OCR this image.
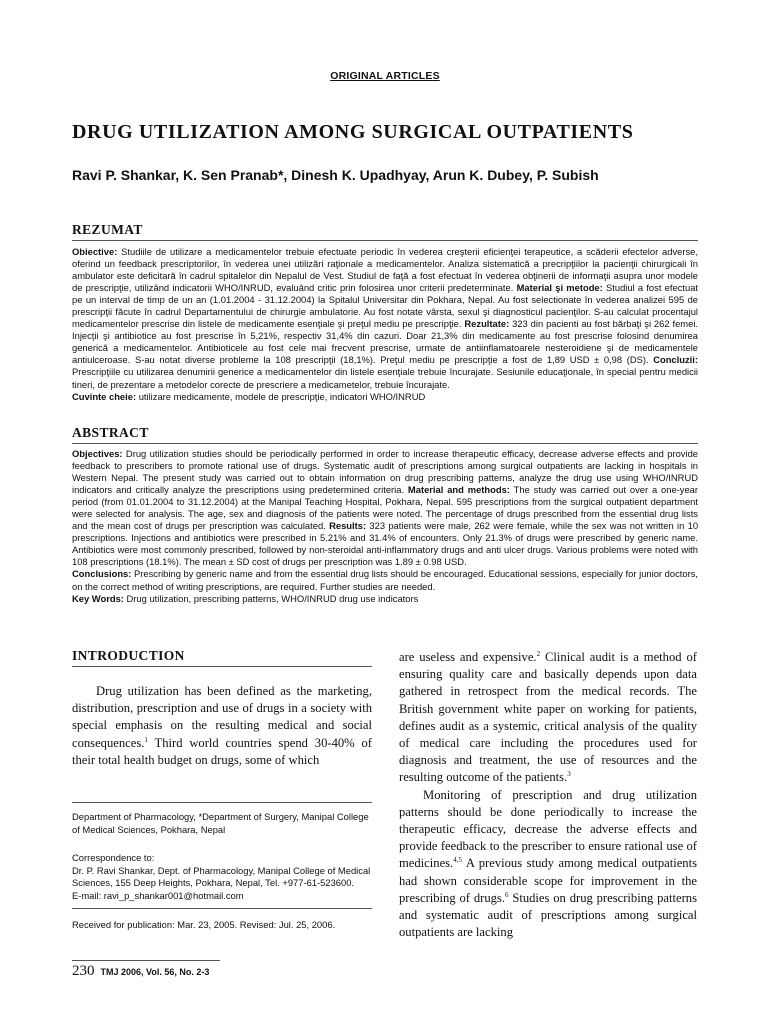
ORIGINAL ARTICLES
DRUG UTILIZATION AMONG SURGICAL OUTPATIENTS
Ravi P. Shankar, K. Sen Pranab*, Dinesh K. Upadhyay, Arun K. Dubey, P. Subish
REZUMAT
Obiective: Studiile de utilizare a medicamentelor trebuie efectuate periodic în vederea creşterii eficienţei terapeutice, a scăderii efectelor adverse, oferind un feedback prescriptorilor, în vederea unei utilizări raţionale a medicamentelor. Analiza sistematică a precripţiilor la pacienţii chirurgicali în ambulator este deficitară în cadrul spitalelor din Nepalul de Vest. Studiul de faţă a fost efectuat în vederea obţinerii de informaţii asupra unor modele de prescripţie, utilizând indicatorii WHO/INRUD, evaluând critic prin folosirea unor criterii predeterminate. Material şi metode: Studiul a fost efectuat pe un interval de timp de un an (1.01.2004 - 31.12.2004) la Spitalul Universitar din Pokhara, Nepal. Au fost selectionate în vederea analizei 595 de prescripţii făcute în cadrul Departamentului de chirurgie ambulatorie. Au fost notate vârsta, sexul şi diagnosticul pacienţilor. S-au calculat procentajul medicamentelor prescrise din listele de medicamente esenţiale şi preţul mediu pe prescripţie. Rezultate: 323 din pacienti au fost bărbaţi şi 262 femei. Injecţii şi antibiotice au fost prescrise în 5,21%, respectiv 31,4% din cazuri. Doar 21,3% din medicamente au fost prescrise folosind denumirea generică a medicamentelor. Antibioticele au fost cele mai frecvent prescrise, urmate de antiinflamatoarele nesteroidiene şi de medicamentele antiulceroase. S-au notat diverse probleme la 108 prescripţii (18,1%). Preţul mediu pe prescripţie a fost de 1,89 USD ± 0,98 (DS). Concluzii: Prescripţiile cu utilizarea denumirii generice a medicamentelor din listele esenţiale trebuie încurajate. Sesiunile educaţionale, în special pentru medicii tineri, de prezentare a metodelor corecte de prescriere a medicametelor, trebuie încurajate.
Cuvinte cheie: utilizare medicamente, modele de prescripţie, indicatori WHO/INRUD
ABSTRACT
Objectives: Drug utilization studies should be periodically performed in order to increase therapeutic efficacy, decrease adverse effects and provide feedback to prescribers to promote rational use of drugs. Systematic audit of prescriptions among surgical outpatients are lacking in hospitals in Western Nepal. The present study was carried out to obtain information on drug prescribing patterns, analyze the drug use using WHO/INRUD indicators and critically analyze the prescriptions using predetermined criteria. Material and methods: The study was carried out over a one-year period (from 01.01.2004 to 31.12.2004) at the Manipal Teaching Hospital, Pokhara, Nepal. 595 prescriptions from the surgical outpatient department were selected for analysis. The age, sex and diagnosis of the patients were noted. The percentage of drugs prescribed from the essential drug lists and the mean cost of drugs per prescription was calculated. Results: 323 patients were male, 262 were female, while the sex was not written in 10 prescriptions. Injections and antibiotics were prescribed in 5.21% and 31.4% of encounters. Only 21.3% of drugs were prescribed by generic name. Antibiotics were most commonly prescribed, followed by non-steroidal anti-inflammatory drugs and anti ulcer drugs. Various problems were noted with 108 prescriptions (18.1%). The mean ± SD cost of drugs per prescription was 1.89 ± 0.98 USD.
Conclusions: Prescribing by generic name and from the essential drug lists should be encouraged. Educational sessions, especially for junior doctors, on the correct method of writing prescriptions, are required. Further studies are needed.
Key Words: Drug utilization, prescribing patterns, WHO/INRUD drug use indicators
INTRODUCTION

Drug utilization has been defined as the marketing, distribution, prescription and use of drugs in a society with special emphasis on the resulting medical and social consequences.$^1$ Third world countries spend 30-40% of their total health budget on drugs, some of which

Department of Pharmacology, *Department of Surgery, Manipal College of Medical Sciences, Pokhara, Nepal
Correspondence to:
Dr. P. Ravi Shankar, Dept. of Pharmacology, Manipal College of Medical Sciences, 155 Deep Heights, Pokhara, Nepal, Tel. +977-61-523600.
E-mail: ravi_p_shankar001@hotmail.com
Received for publication: Mar. 23, 2005. Revised: Jul. 25, 2006.

are useless and expensive.$^2$ Clinical audit is a method of ensuring quality care and basically depends upon data gathered in retrospect from the medical records. The British government white paper on working for patients, defines audit as a systemic, critical analysis of the quality of medical care including the procedures used for diagnosis and treatment, the use of resources and the resulting outcome of the patients.$^3$

Monitoring of prescription and drug utilization patterns should be done periodically to increase the therapeutic efficacy, decrease the adverse effects and provide feedback to the prescriber to ensure rational use of medicines.$^{4,5}$ A previous study among medical outpatients had shown considerable scope for improvement in the prescribing of drugs.$^6$ Studies on drug prescribing patterns and systematic audit of prescriptions among surgical outpatients are lacking

230 TMJ 2006, Vol. 56, No. 2-3
